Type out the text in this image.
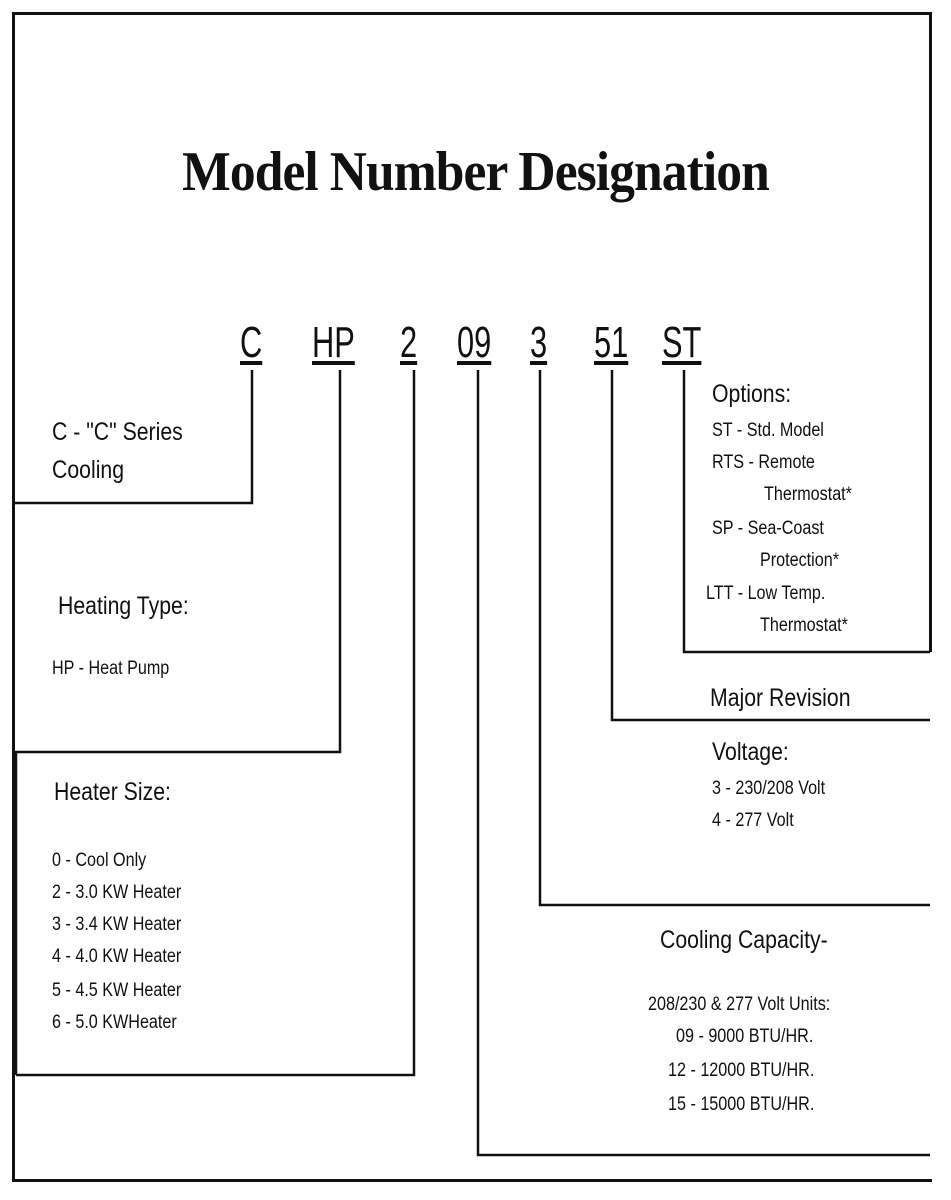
Model Number Designation
C HP 2 09 3 51 ST
C - "C" Series
Cooling
Heating Type:
HP - Heat Pump
Heater Size:
0 - Cool Only
2 - 3.0 KW Heater
3 - 3.4 KW Heater
4 - 4.0 KW Heater
5 - 4.5 KW Heater
6 - 5.0 KWHeater
Options:
ST - Std. Model
RTS - Remote
Thermostat*
SP - Sea-Coast
Protection*
LTT - Low Temp.
Thermostat*
Major Revision
Voltage:
3 - 230/208 Volt
4 - 277 Volt
Cooling Capacity-
208/230 & 277 Volt Units:
09 - 9000 BTU/HR.
12 - 12000 BTU/HR.
15 - 15000 BTU/HR.
